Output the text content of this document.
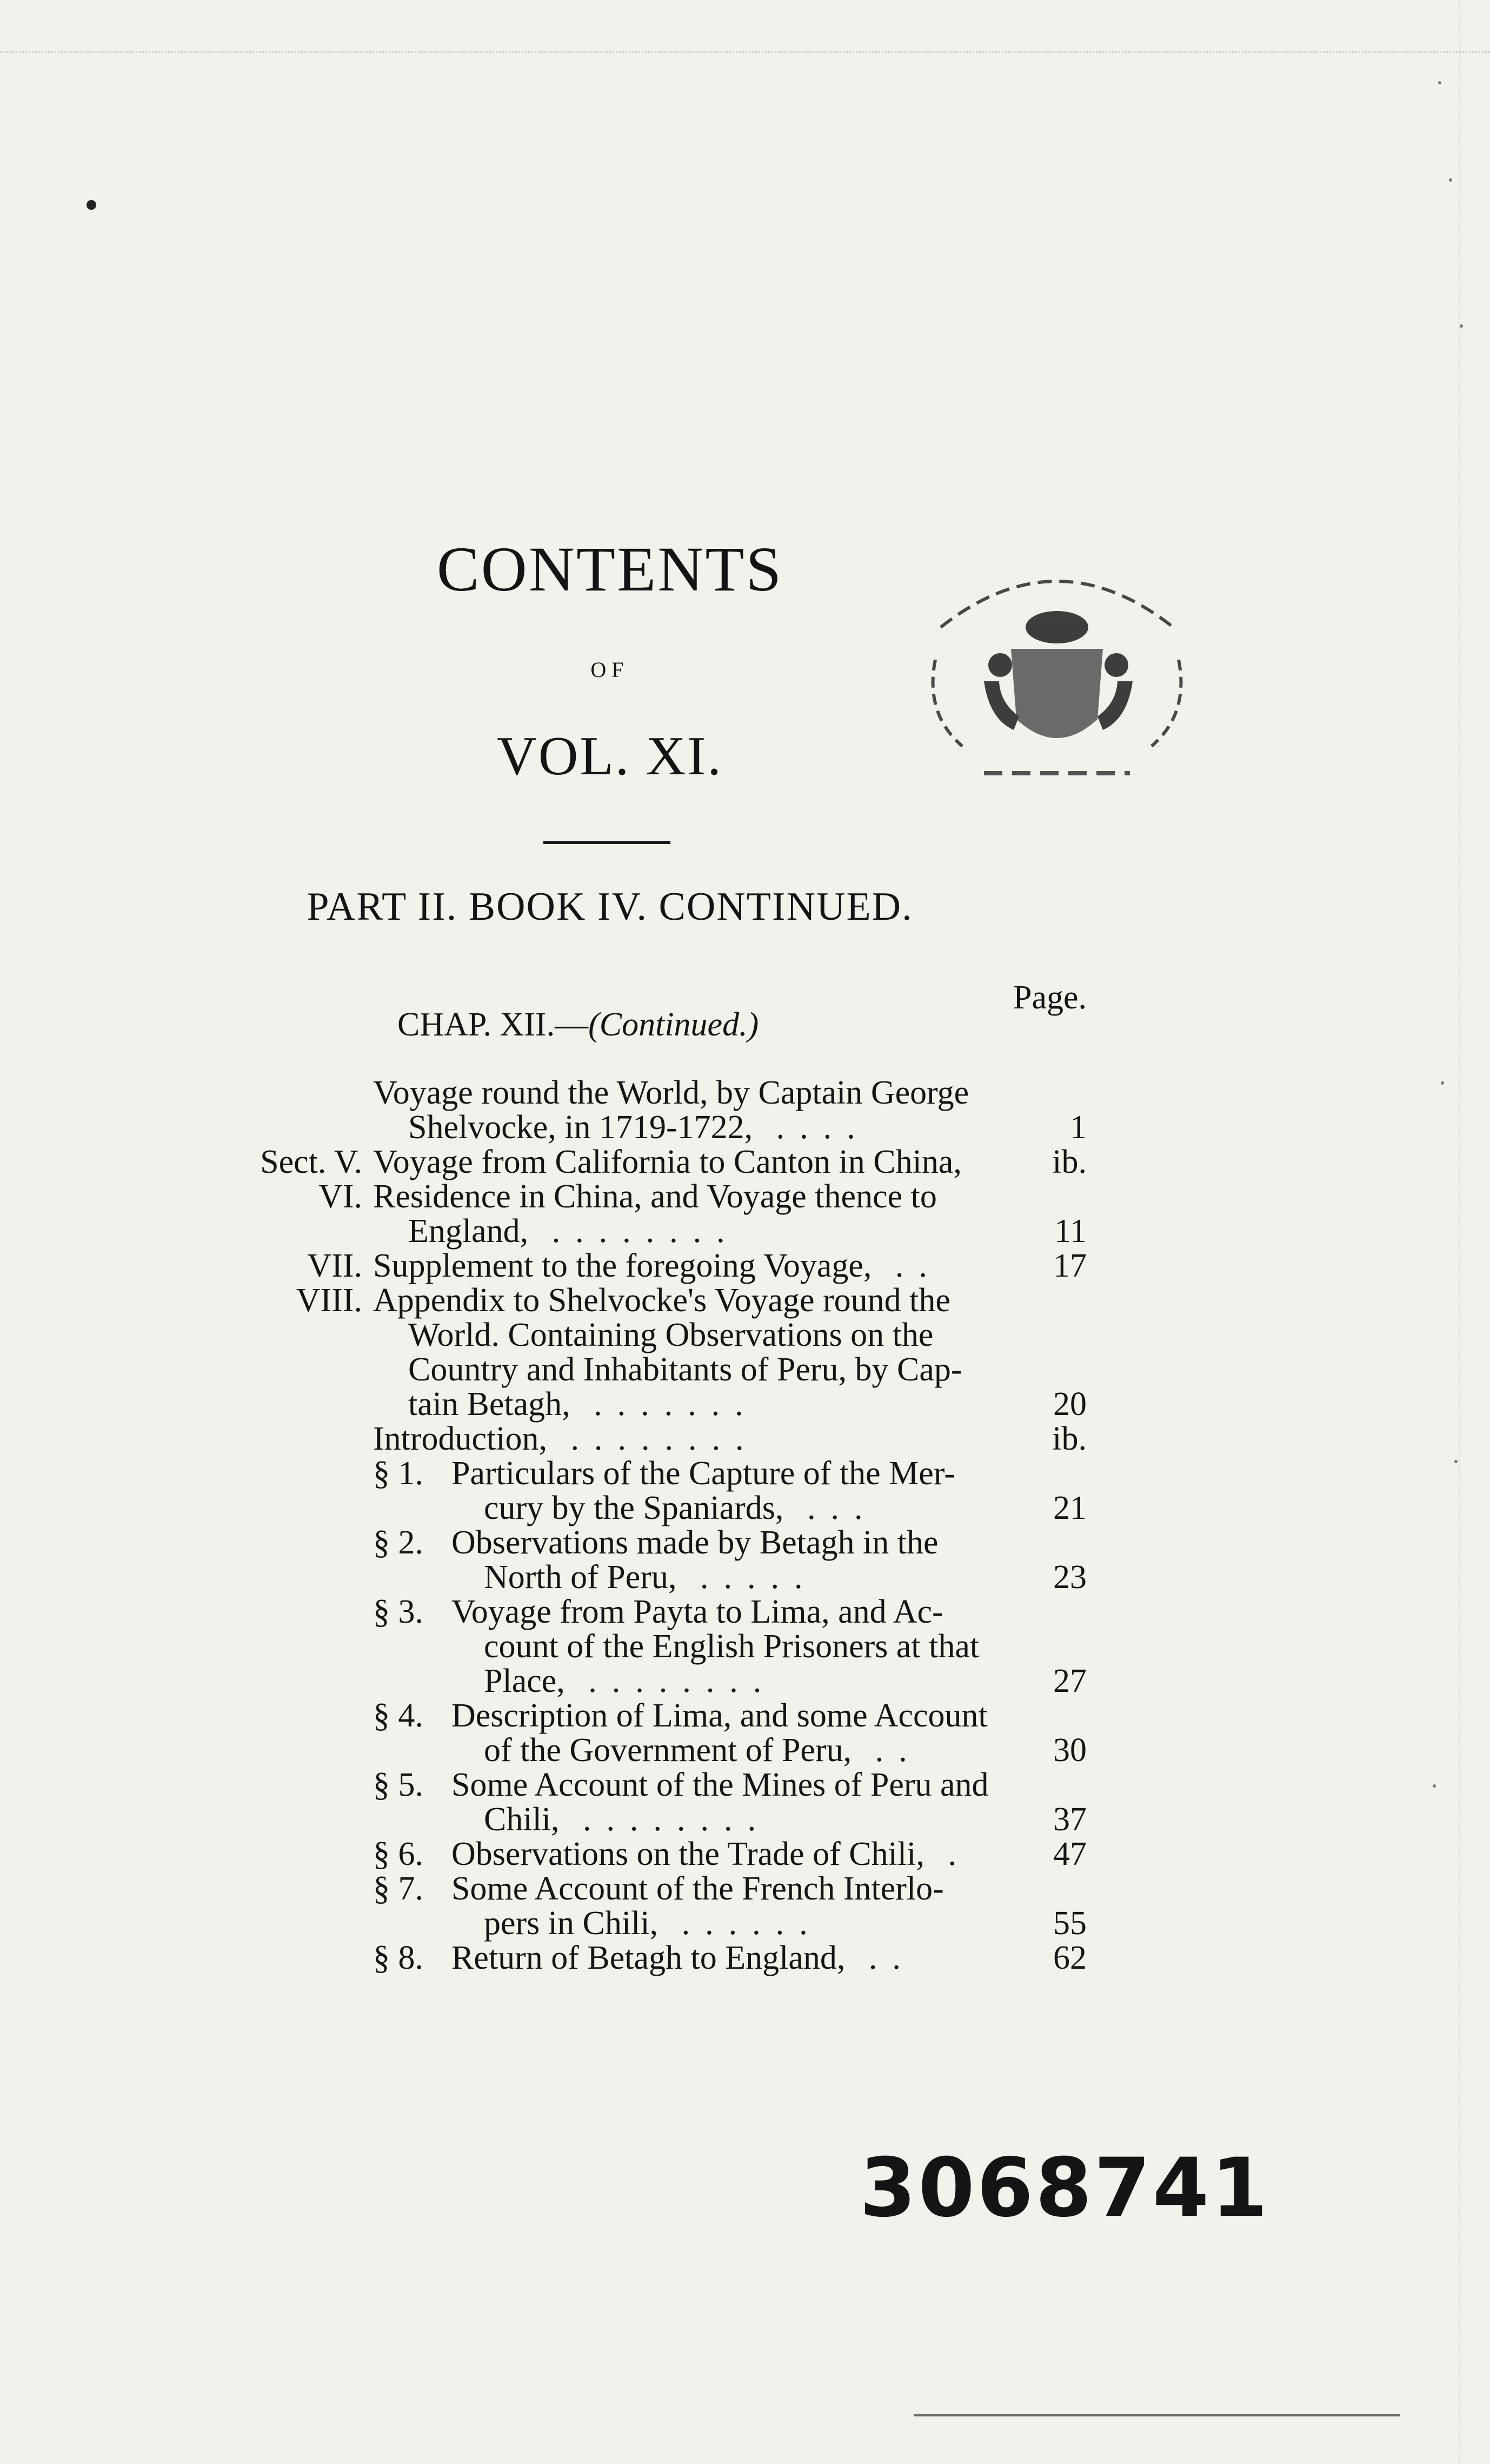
CONTENTS
OF
VOL. XI.
PART II. BOOK IV. CONTINUED.
Page.
CHAP. XII.—(Continued.)
Voyage round the World, by Captain George
Shelvocke, in 1719-1722, ....	1
Sect. V. Voyage from California to Canton in China,	ib.
VI. Residence in China, and Voyage thence to
England, ........	11
VII. Supplement to the foregoing Voyage, ..	17
VIII. Appendix to Shelvocke's Voyage round the
World. Containing Observations on the
Country and Inhabitants of Peru, by Cap-
tain Betagh, .......	20
Introduction, ........	ib.
§ 1. Particulars of the Capture of the Mer-
cury by the Spaniards, ...	21
§ 2. Observations made by Betagh in the
North of Peru, .....	23
§ 3. Voyage from Payta to Lima, and Ac-
count of the English Prisoners at that
Place, ........	27
§ 4. Description of Lima, and some Account
of the Government of Peru, ..	30
§ 5. Some Account of the Mines of Peru and
Chili, ........	37
§ 6. Observations on the Trade of Chili, .	47
§ 7. Some Account of the French Interlo-
pers in Chili, ......	55
§ 8. Return of Betagh to England, ..	62
3068741
